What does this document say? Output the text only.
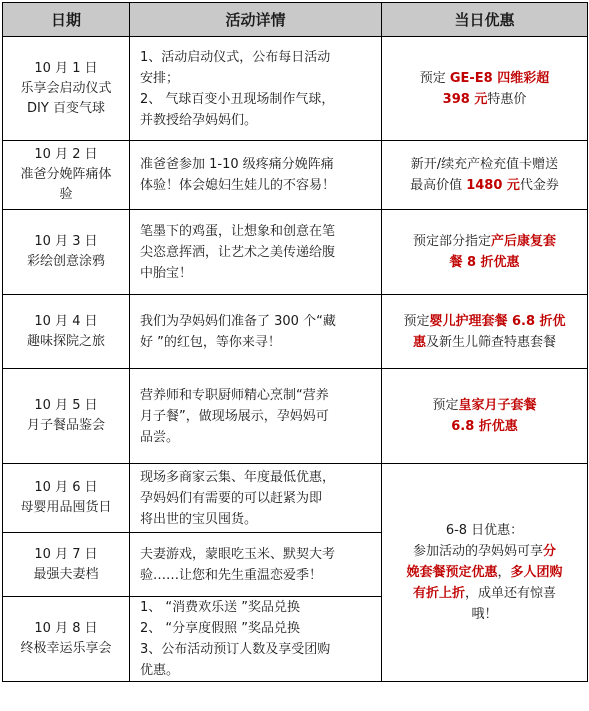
日期	活动详情	当日优惠

10 月 1 日
乐享会启动仪式
DIY 百变气球	1、活动启动仪式，公布每日活动
安排；
2、 气球百变小丑现场制作气球，
并教授给孕妈妈们。	预定 GE-E8 四维彩超
398 元特惠价

10 月 2 日
准爸分娩阵痛体
验	准爸爸参加 1-10 级疼痛分娩阵痛
体验！体会媳妇生娃儿的不容易！	新开/续充产检充值卡赠送
最高价值 1480 元代金券

10 月 3 日
彩绘创意涂鸦	笔墨下的鸡蛋，让想象和创意在笔
尖恣意挥洒，让艺术之美传递给腹
中胎宝！	预定部分指定产后康复套
餐 8 折优惠

10 月 4 日
趣味探院之旅	我们为孕妈妈们准备了 300 个“藏
好 ”的红包，等你来寻！	预定婴儿护理套餐 6.8 折优
惠及新生儿筛查特惠套餐

10 月 5 日
月子餐品鉴会	营养师和专职厨师精心烹制“营养
月子餐”，做现场展示，孕妈妈可
品尝。	预定皇家月子套餐
6.8 折优惠

10 月 6 日
母婴用品囤货日	现场多商家云集、年度最低优惠，
孕妈妈们有需要的可以赶紧为即
将出世的宝贝囤货。	6-8 日优惠：
参加活动的孕妈妈可享分
娩套餐预定优惠，多人团购
有折上折，成单还有惊喜
哦！

10 月 7 日
最强夫妻档	夫妻游戏，蒙眼吃玉米、默契大考
验……让您和先生重温恋爱季！	

10 月 8 日
终极幸运乐享会	1、 “消费欢乐送 ”奖品兑换
2、 “分享度假照 ”奖品兑换
3、公布活动预订人数及享受团购
优惠。	
